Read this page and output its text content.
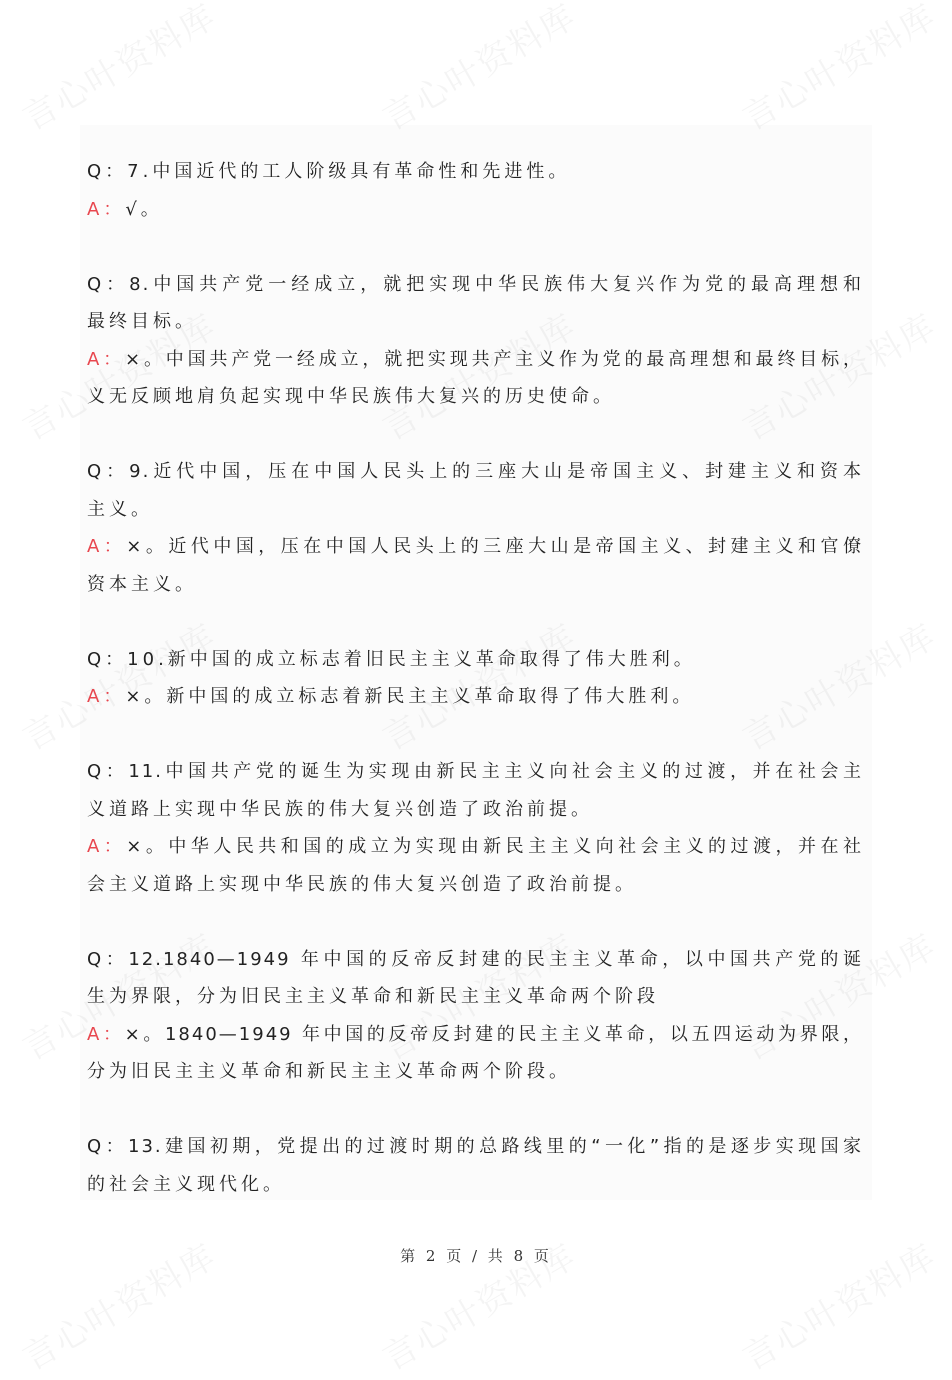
Q：7.中国近代的工人阶级具有革命性和先进性。
A：√。
Q：8.中国共产党一经成立，就把实现中华民族伟大复兴作为党的最高理想和
最终目标。
A：×。中国共产党一经成立，就把实现共产主义作为党的最高理想和最终目标，
义无反顾地肩负起实现中华民族伟大复兴的历史使命。
Q：9.近代中国，压在中国人民头上的三座大山是帝国主义、封建主义和资本
主义。
A：×。近代中国，压在中国人民头上的三座大山是帝国主义、封建主义和官僚
资本主义。
Q：10.新中国的成立标志着旧民主主义革命取得了伟大胜利。
A：×。新中国的成立标志着新民主主义革命取得了伟大胜利。
Q：11.中国共产党的诞生为实现由新民主主义向社会主义的过渡，并在社会主
义道路上实现中华民族的伟大复兴创造了政治前提。
A：×。中华人民共和国的成立为实现由新民主主义向社会主义的过渡，并在社
会主义道路上实现中华民族的伟大复兴创造了政治前提。
Q：12.1840—1949 年中国的反帝反封建的民主主义革命，以中国共产党的诞
生为界限，分为旧民主主义革命和新民主主义革命两个阶段
A：×。1840—1949 年中国的反帝反封建的民主主义革命，以五四运动为界限，
分为旧民主主义革命和新民主主义革命两个阶段。
Q：13.建国初期，党提出的过渡时期的总路线里的“一化”指的是逐步实现国家
的社会主义现代化。
第 2 页 / 共 8 页
